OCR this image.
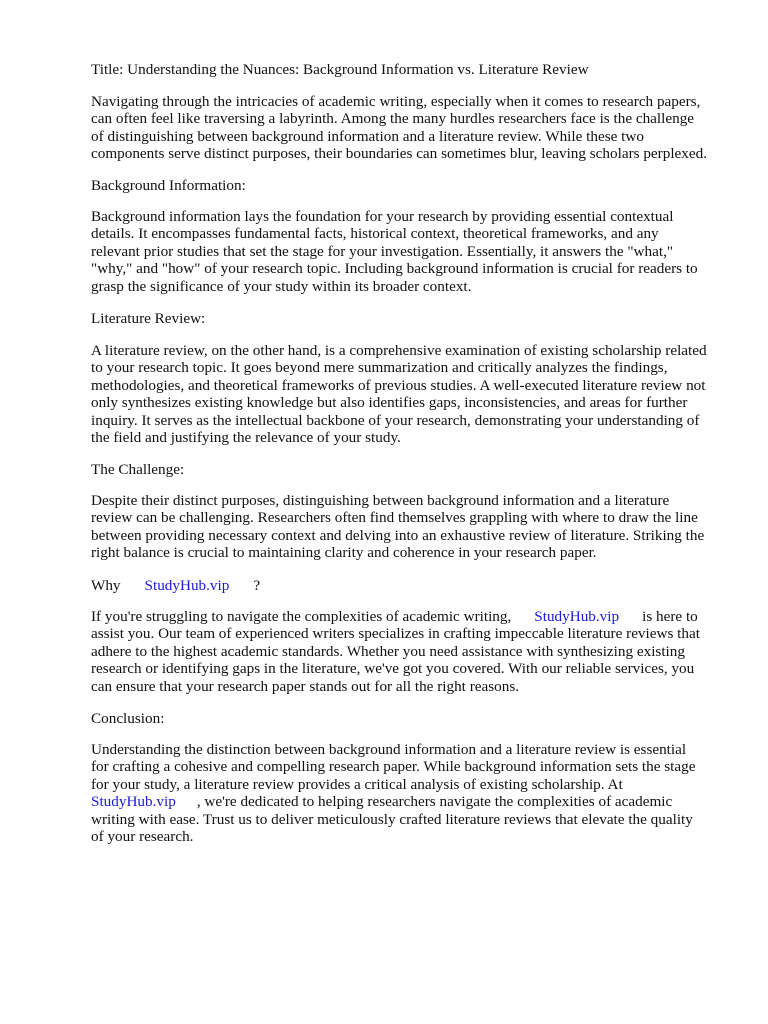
Title: Understanding the Nuances: Background Information vs. Literature Review

Navigating through the intricacies of academic writing, especially when it comes to research papers,
can often feel like traversing a labyrinth. Among the many hurdles researchers face is the challenge
of distinguishing between background information and a literature review. While these two
components serve distinct purposes, their boundaries can sometimes blur, leaving scholars perplexed.

Background Information:

Background information lays the foundation for your research by providing essential contextual
details. It encompasses fundamental facts, historical context, theoretical frameworks, and any
relevant prior studies that set the stage for your investigation. Essentially, it answers the "what,"
"why," and "how" of your research topic. Including background information is crucial for readers to
grasp the significance of your study within its broader context.

Literature Review:

A literature review, on the other hand, is a comprehensive examination of existing scholarship related
to your research topic. It goes beyond mere summarization and critically analyzes the findings,
methodologies, and theoretical frameworks of previous studies. A well-executed literature review not
only synthesizes existing knowledge but also identifies gaps, inconsistencies, and areas for further
inquiry. It serves as the intellectual backbone of your research, demonstrating your understanding of
the field and justifying the relevance of your study.

The Challenge:

Despite their distinct purposes, distinguishing between background information and a literature
review can be challenging. Researchers often find themselves grappling with where to draw the line
between providing necessary context and delving into an exhaustive review of literature. Striking the
right balance is crucial to maintaining clarity and coherence in your research paper.

Why StudyHub.vip ?

If you're struggling to navigate the complexities of academic writing, StudyHub.vip is here to
assist you. Our team of experienced writers specializes in crafting impeccable literature reviews that
adhere to the highest academic standards. Whether you need assistance with synthesizing existing
research or identifying gaps in the literature, we've got you covered. With our reliable services, you
can ensure that your research paper stands out for all the right reasons.

Conclusion:

Understanding the distinction between background information and a literature review is essential
for crafting a cohesive and compelling research paper. While background information sets the stage
for your study, a literature review provides a critical analysis of existing scholarship. At
StudyHub.vip , we're dedicated to helping researchers navigate the complexities of academic
writing with ease. Trust us to deliver meticulously crafted literature reviews that elevate the quality
of your research.
